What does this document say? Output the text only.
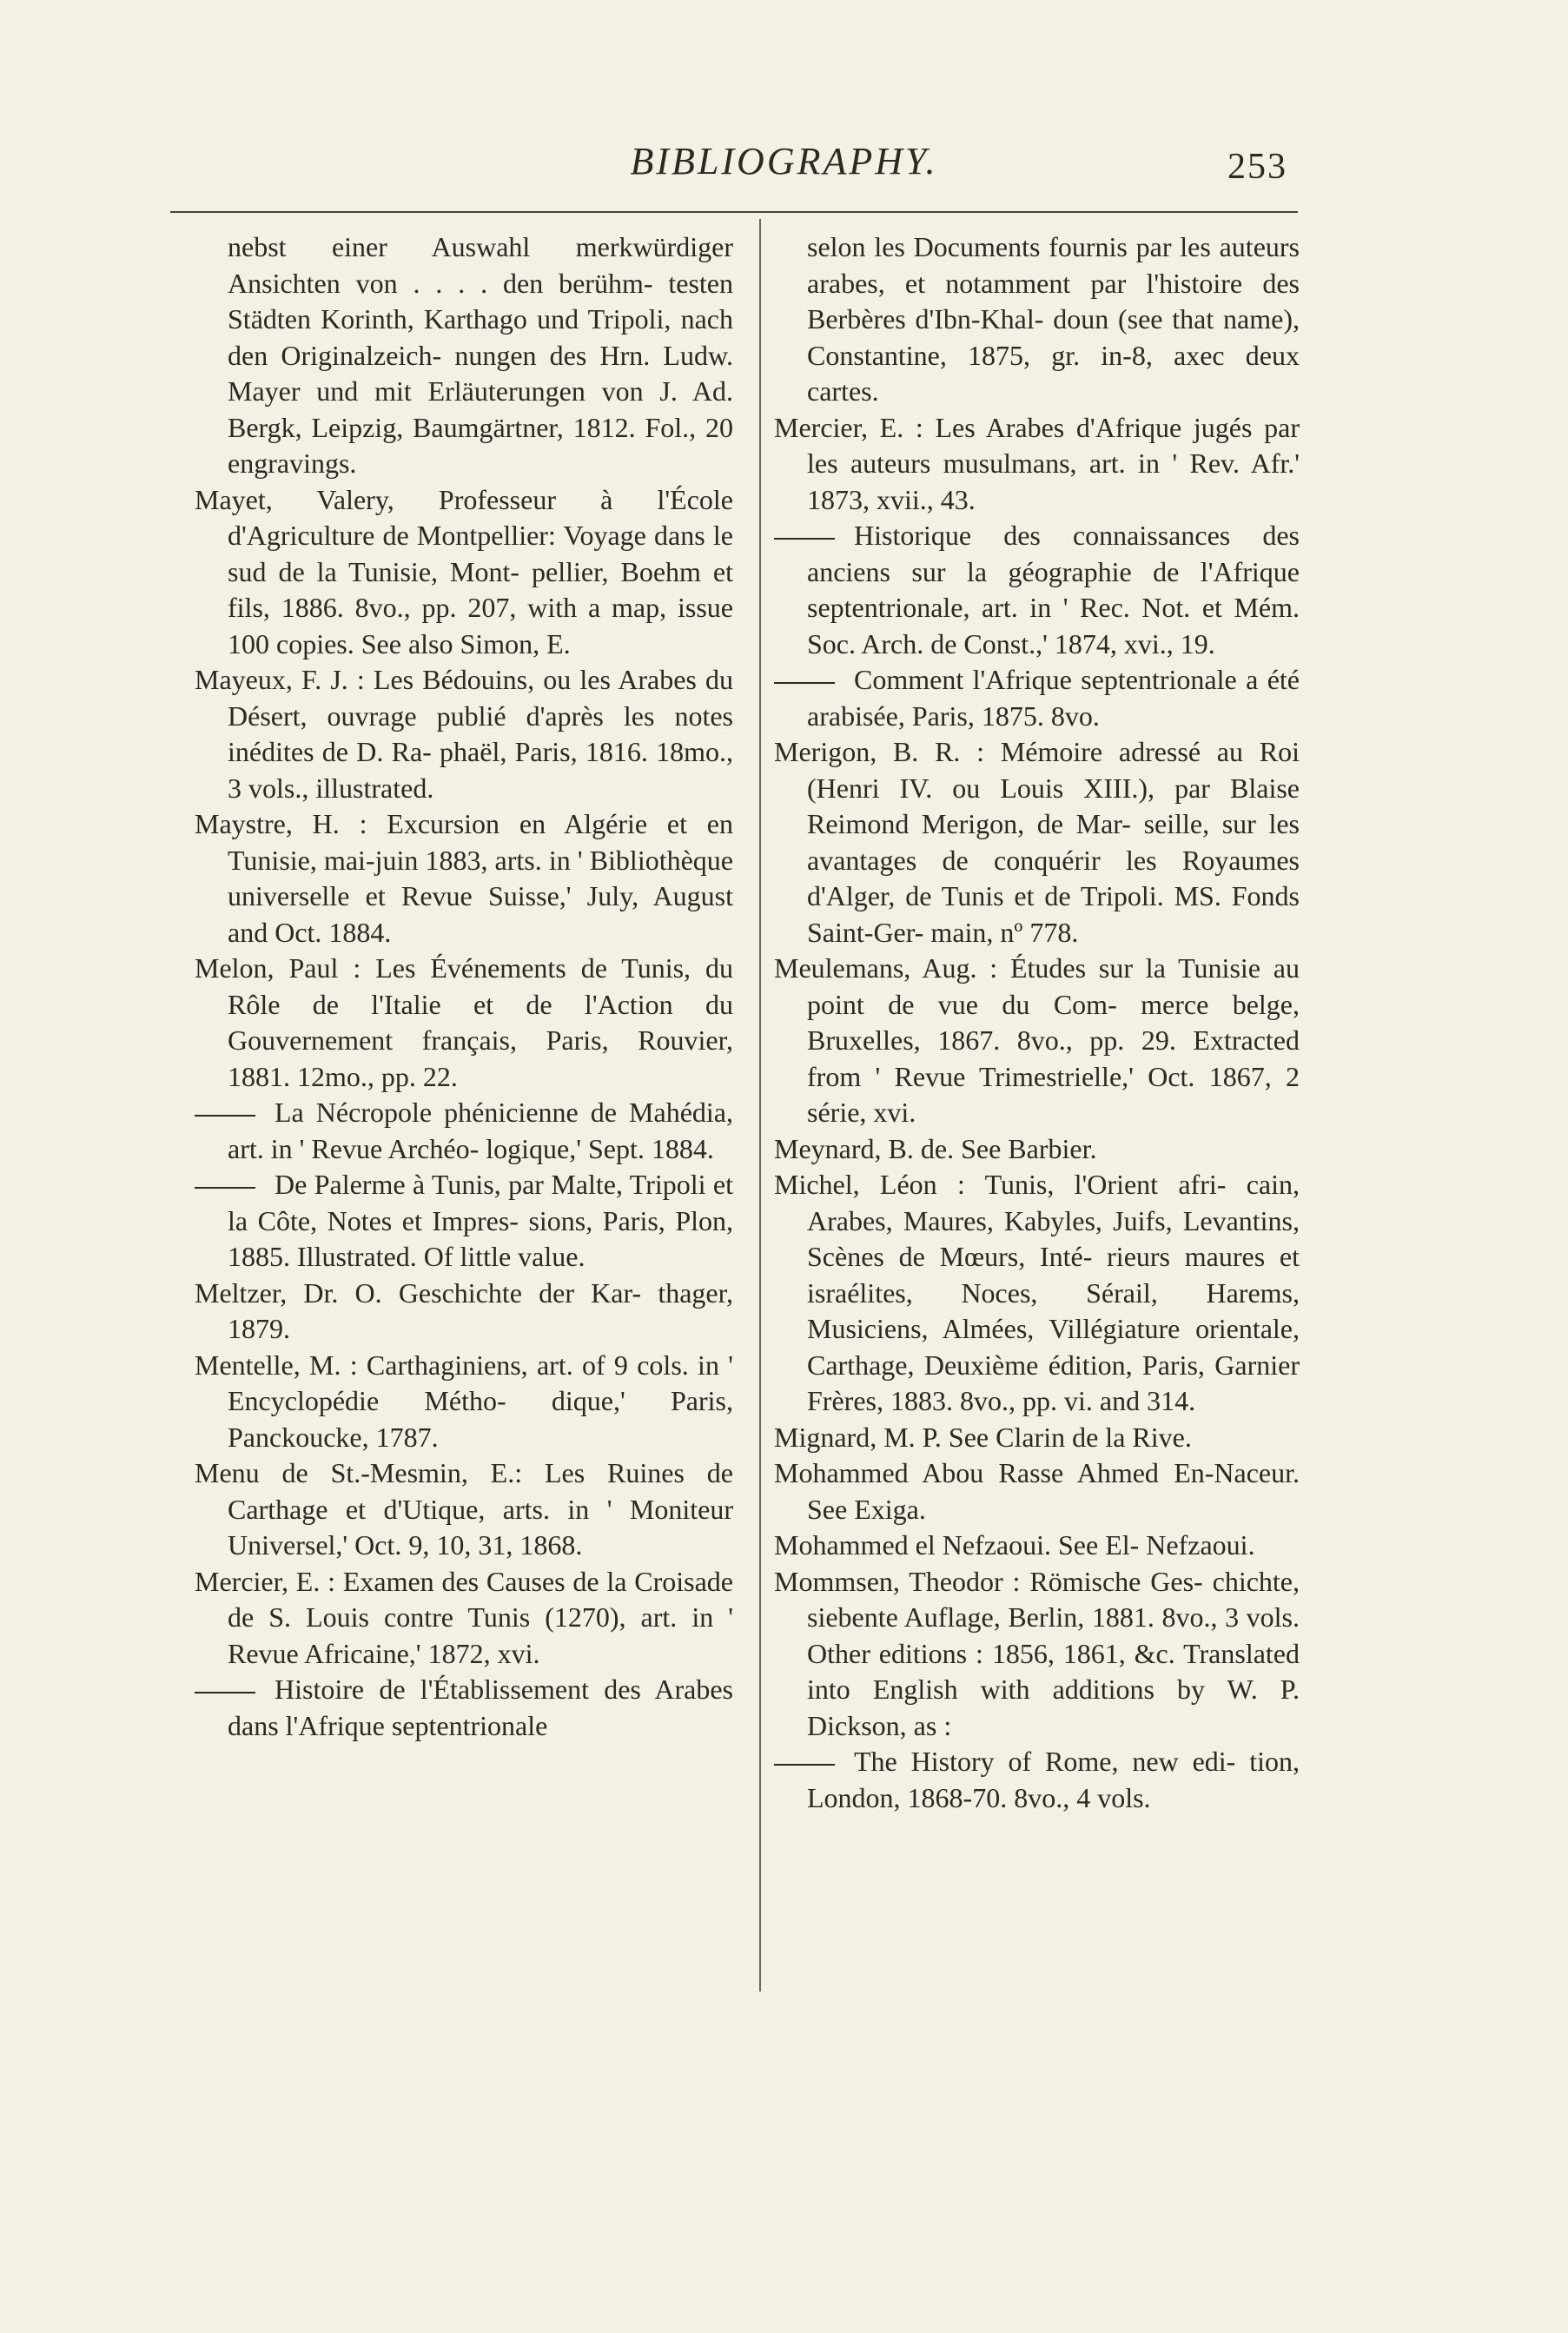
BIBLIOGRAPHY.	253

nebst einer Auswahl merkwürdiger Ansichten von . . . . den berühm- testen Städten Korinth, Karthago und Tripoli, nach den Originalzeich- nungen des Hrn. Ludw. Mayer und mit Erläuterungen von J. Ad. Bergk, Leipzig, Baumgärtner, 1812. Fol., 20 engravings.

Mayet, Valery, Professeur à l'École d'Agriculture de Montpellier: Voyage dans le sud de la Tunisie, Mont- pellier, Boehm et fils, 1886. 8vo., pp. 207, with a map, issue 100 copies. See also Simon, E.

Mayeux, F. J. : Les Bédouins, ou les Arabes du Désert, ouvrage publié d'après les notes inédites de D. Ra- phaël, Paris, 1816. 18mo., 3 vols., illustrated.

Maystre, H. : Excursion en Algérie et en Tunisie, mai-juin 1883, arts. in ' Bibliothèque universelle et Revue Suisse,' July, August and Oct. 1884.

Melon, Paul : Les Événements de Tunis, du Rôle de l'Italie et de l'Action du Gouvernement français, Paris, Rouvier, 1881. 12mo., pp. 22.

La Nécropole phénicienne de Mahédia, art. in ' Revue Archéo- logique,' Sept. 1884.

De Palerme à Tunis, par Malte, Tripoli et la Côte, Notes et Impres- sions, Paris, Plon, 1885. Illustrated. Of little value.

Meltzer, Dr. O. Geschichte der Kar- thager, 1879.

Mentelle, M. : Carthaginiens, art. of 9 cols. in ' Encyclopédie Métho- dique,' Paris, Panckoucke, 1787.

Menu de St.-Mesmin, E.: Les Ruines de Carthage et d'Utique, arts. in ' Moniteur Universel,' Oct. 9, 10, 31, 1868.

Mercier, E. : Examen des Causes de la Croisade de S. Louis contre Tunis (1270), art. in ' Revue Africaine,' 1872, xvi.

Histoire de l'Établissement des Arabes dans l'Afrique septentrionale

selon les Documents fournis par les auteurs arabes, et notamment par l'histoire des Berbères d'Ibn-Khal- doun (see that name), Constantine, 1875, gr. in-8, axec deux cartes.

Mercier, E. : Les Arabes d'Afrique jugés par les auteurs musulmans, art. in ' Rev. Afr.' 1873, xvii., 43.

Historique des connaissances des anciens sur la géographie de l'Afrique septentrionale, art. in ' Rec. Not. et Mém. Soc. Arch. de Const.,' 1874, xvi., 19.

Comment l'Afrique septentrionale a été arabisée, Paris, 1875. 8vo.

Merigon, B. R. : Mémoire adressé au Roi (Henri IV. ou Louis XIII.), par Blaise Reimond Merigon, de Mar- seille, sur les avantages de conquérir les Royaumes d'Alger, de Tunis et de Tripoli. MS. Fonds Saint-Ger- main, nº 778.

Meulemans, Aug. : Études sur la Tunisie au point de vue du Com- merce belge, Bruxelles, 1867. 8vo., pp. 29. Extracted from ' Revue Trimestrielle,' Oct. 1867, 2 série, xvi.

Meynard, B. de. See Barbier.

Michel, Léon : Tunis, l'Orient afri- cain, Arabes, Maures, Kabyles, Juifs, Levantins, Scènes de Mœurs, Inté- rieurs maures et israélites, Noces, Sérail, Harems, Musiciens, Almées, Villégiature orientale, Carthage, Deuxième édition, Paris, Garnier Frères, 1883. 8vo., pp. vi. and 314.

Mignard, M. P. See Clarin de la Rive.

Mohammed Abou Rasse Ahmed En-Naceur. See Exiga.

Mohammed el Nefzaoui. See El- Nefzaoui.

Mommsen, Theodor : Römische Ges- chichte, siebente Auflage, Berlin, 1881. 8vo., 3 vols. Other editions : 1856, 1861, &c. Translated into English with additions by W. P. Dickson, as :

The History of Rome, new edi- tion, London, 1868-70. 8vo., 4 vols.
